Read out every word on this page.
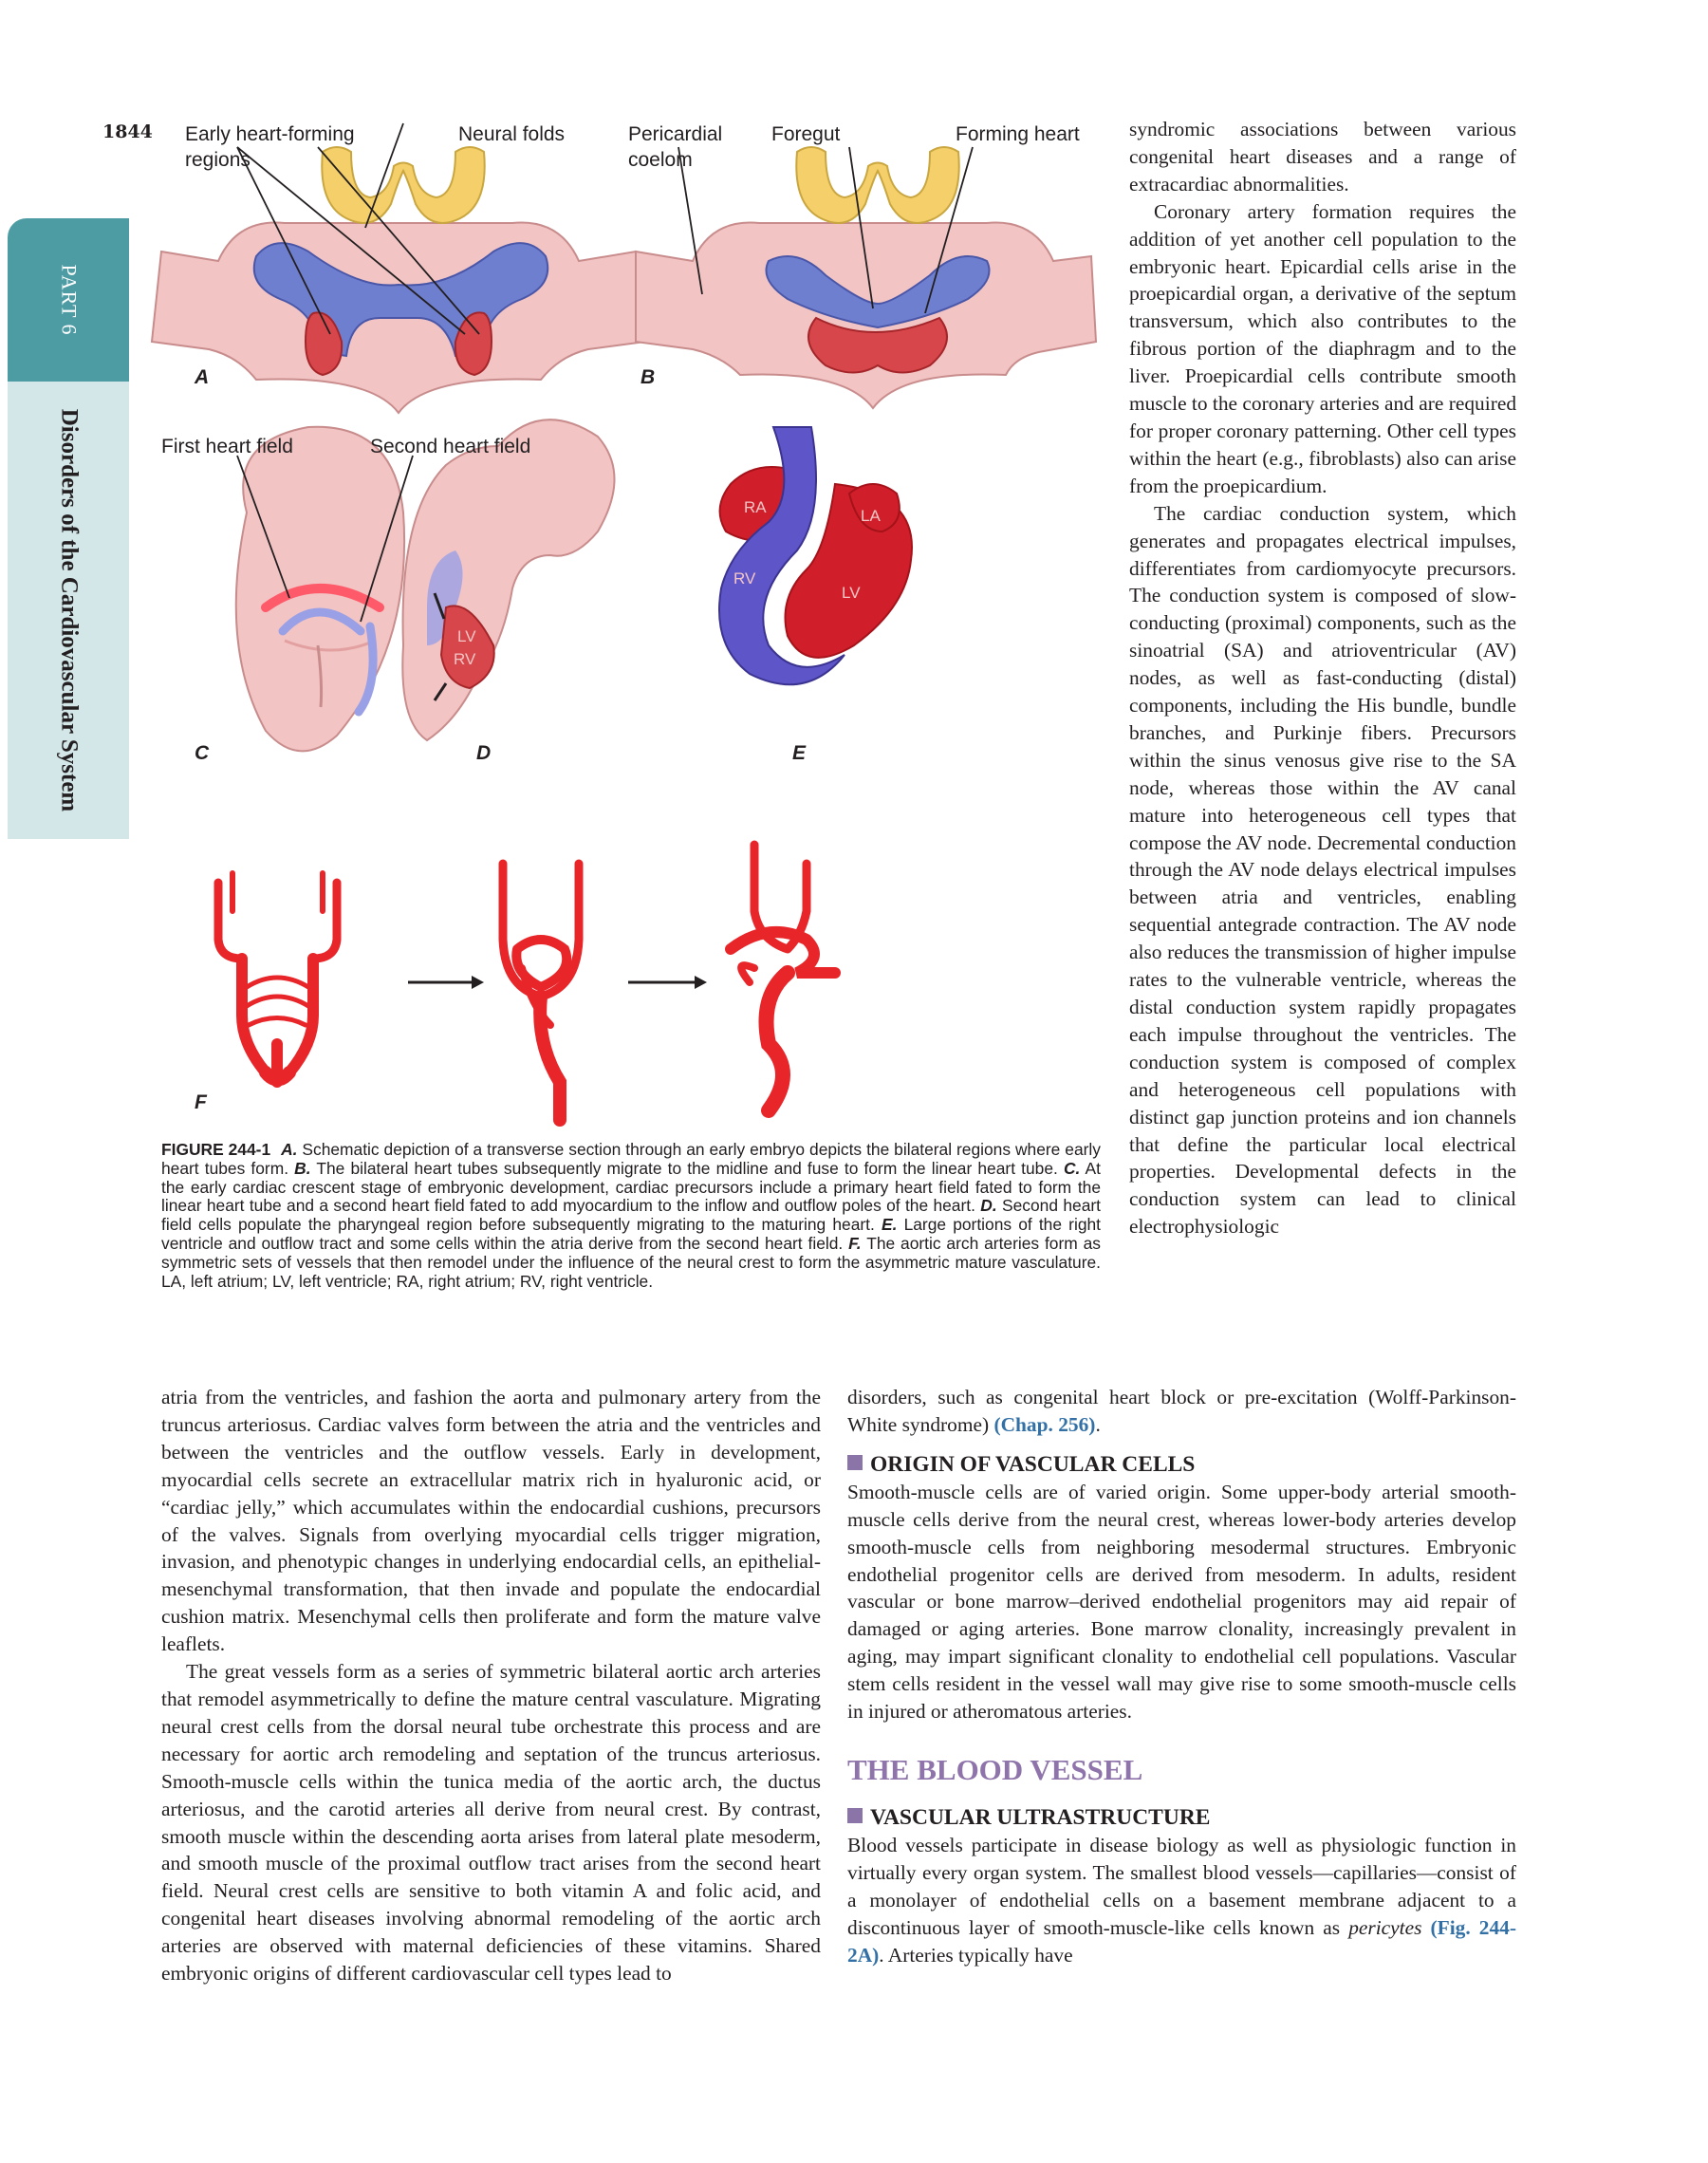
1844
PART 6
Disorders of the Cardiovascular System	LV
RV
RA	LA
RV
LV
Early heart-forming
regions
Neural folds	Pericardial
coelom
Foregut	Forming heart
First heart field	Second heart field
A	B
C	D	E
F
FIGURE 244-1 A. Schematic depiction of a transverse section through an early embryo depicts the bilateral regions where early heart tubes form. B. The bilateral heart tubes subsequently migrate to the midline and fuse to form the linear heart tube. C. At the early cardiac crescent stage of embryonic development, cardiac precursors include a primary heart field fated to form the linear heart tube and a second heart field fated to add myocardium to the inflow and outflow poles of the heart. D. Second heart field cells populate the pharyngeal region before subsequently migrating to the maturing heart. E. Large portions of the right ventricle and outflow tract and some cells within the atria derive from the second heart field. F. The aortic arch arteries form as symmetric sets of vessels that then remodel under the influence of the neural crest to form the asymmetric mature vasculature. LA, left atrium; LV, left ventricle; RA, right atrium; RV, right ventricle.

syndromic associations between various congenital heart diseases and a range of extracardiac abnormalities.

Coronary artery formation requires the addition of yet another cell population to the embryonic heart. Epicardial cells arise in the proepicardial organ, a derivative of the septum transversum, which also contributes to the fibrous portion of the diaphragm and to the liver. Proepicardial cells contribute smooth muscle to the coronary arteries and are required for proper coronary patterning. Other cell types within the heart (e.g., fibroblasts) also can arise from the proepicardium.

The cardiac conduction system, which generates and propagates electrical impulses, differentiates from cardiomyocyte precursors. The conduction system is composed of slow-conducting (proximal) components, such as the sinoatrial (SA) and atrioventricular (AV) nodes, as well as fast-conducting (distal) components, including the His bundle, bundle branches, and Purkinje fibers. Precursors within the sinus venosus give rise to the SA node, whereas those within the AV canal mature into heterogeneous cell types that compose the AV node. Decremental conduction through the AV node delays electrical impulses between atria and ventricles, enabling sequential antegrade contraction. The AV node also reduces the transmission of higher impulse rates to the vulnerable ventricle, whereas the distal conduction system rapidly propagates each impulse throughout the ventricles. The conduction system is composed of complex and heterogeneous cell populations with distinct gap junction proteins and ion channels that define the particular local electrical properties. Developmental defects in the conduction system can lead to clinical electrophysiologic

atria from the ventricles, and fashion the aorta and pulmonary artery from the truncus arteriosus. Cardiac valves form between the atria and the ventricles and between the ventricles and the outflow vessels. Early in development, myocardial cells secrete an extracellular matrix rich in hyaluronic acid, or “cardiac jelly,” which accumulates within the endocardial cushions, precursors of the valves. Signals from overlying myocardial cells trigger migration, invasion, and phenotypic changes in underlying endocardial cells, an epithelial-mesenchymal transformation, that then invade and populate the endocardial cushion matrix. Mesenchymal cells then proliferate and form the mature valve leaflets.

The great vessels form as a series of symmetric bilateral aortic arch arteries that remodel asymmetrically to define the mature central vasculature. Migrating neural crest cells from the dorsal neural tube orchestrate this process and are necessary for aortic arch remodeling and septation of the truncus arteriosus. Smooth-muscle cells within the tunica media of the aortic arch, the ductus arteriosus, and the carotid arteries all derive from neural crest. By contrast, smooth muscle within the descending aorta arises from lateral plate mesoderm, and smooth muscle of the proximal outflow tract arises from the second heart field. Neural crest cells are sensitive to both vitamin A and folic acid, and congenital heart diseases involving abnormal remodeling of the aortic arch arteries are observed with maternal deficiencies of these vitamins. Shared embryonic origins of different cardiovascular cell types lead to

disorders, such as congenital heart block or pre-excitation (Wolff-Parkinson-White syndrome) (Chap. 256).

ORIGIN OF VASCULAR CELLS

Smooth-muscle cells are of varied origin. Some upper-body arterial smooth-muscle cells derive from the neural crest, whereas lower-body arteries develop smooth-muscle cells from neighboring mesodermal structures. Embryonic endothelial progenitor cells are derived from mesoderm. In adults, resident vascular or bone marrow–derived endothelial progenitors may aid repair of damaged or aging arteries. Bone marrow clonality, increasingly prevalent in aging, may impart significant clonality to endothelial cell populations. Vascular stem cells resident in the vessel wall may give rise to some smooth-muscle cells in injured or atheromatous arteries.

THE BLOOD VESSEL
VASCULAR ULTRASTRUCTURE

Blood vessels participate in disease biology as well as physiologic function in virtually every organ system. The smallest blood vessels—capillaries—consist of a monolayer of endothelial cells on a basement membrane adjacent to a discontinuous layer of smooth-muscle-like cells known as pericytes (Fig. 244-2A). Arteries typically have
